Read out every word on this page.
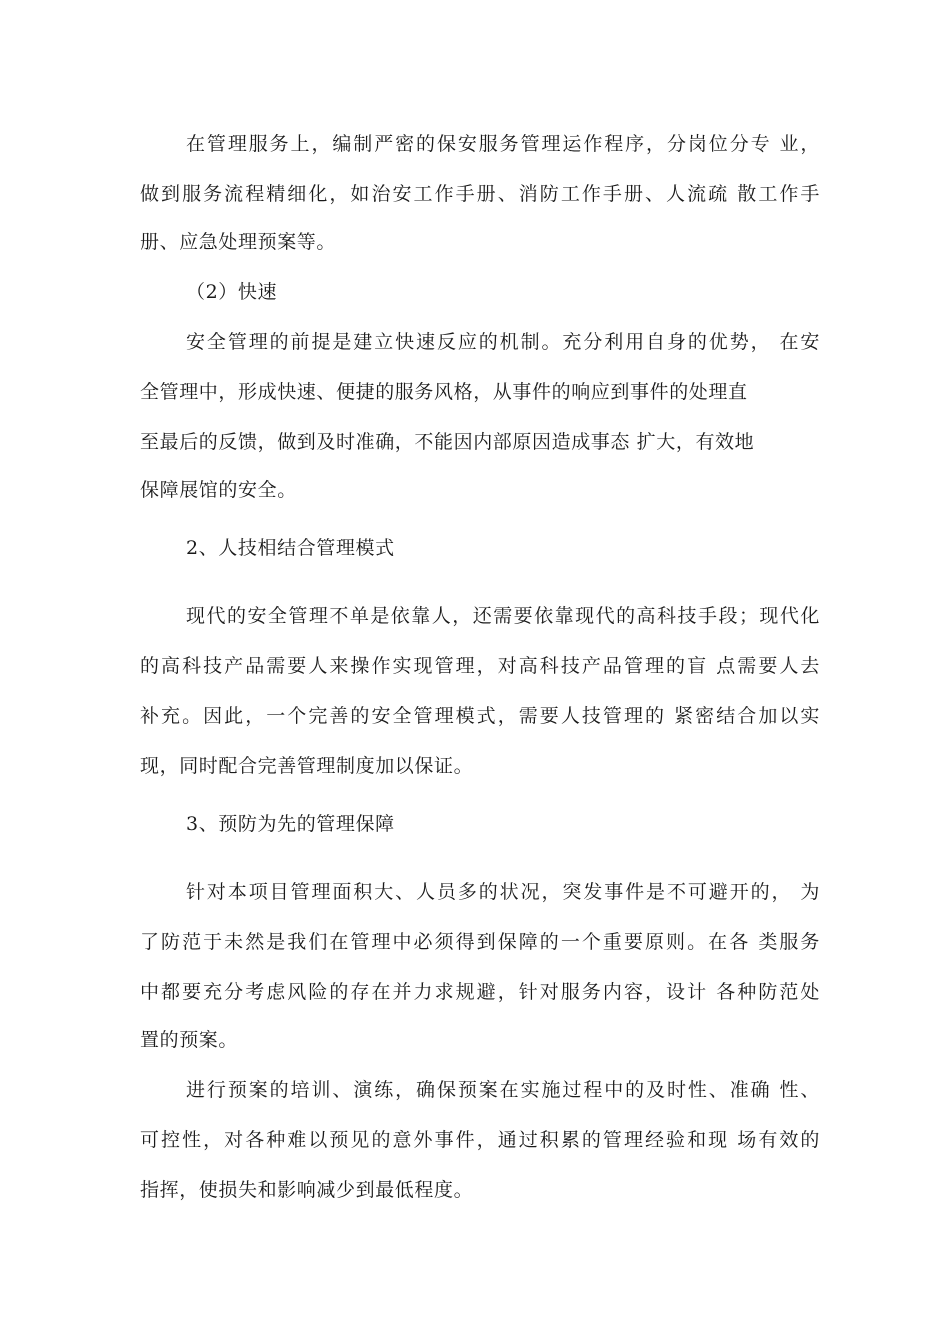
在管理服务上，编制严密的保安服务管理运作程序，分岗位分专 业，
做到服务流程精细化，如治安工作手册、消防工作手册、人流疏 散工作手
册、应急处理预案等。
（2）快速
安全管理的前提是建立快速反应的机制。充分利用自身的优势， 在安
全管理中，形成快速、便捷的服务风格，从事件的响应到事件的处理直
至最后的反馈，做到及时准确，不能因内部原因造成事态 扩大，有效地
保障展馆的安全。
2、人技相结合管理模式
现代的安全管理不单是依靠人，还需要依靠现代的高科技手段；现代化
的高科技产品需要人来操作实现管理，对高科技产品管理的盲 点需要人去
补充。因此，一个完善的安全管理模式，需要人技管理的 紧密结合加以实
现，同时配合完善管理制度加以保证。
3、预防为先的管理保障
针对本项目管理面积大、人员多的状况，突发事件是不可避开的， 为
了防范于未然是我们在管理中必须得到保障的一个重要原则。在各 类服务
中都要充分考虑风险的存在并力求规避，针对服务内容，设计 各种防范处
置的预案。
进行预案的培训、演练，确保预案在实施过程中的及时性、准确 性、
可控性，对各种难以预见的意外事件，通过积累的管理经验和现 场有效的
指挥，使损失和影响减少到最低程度。
